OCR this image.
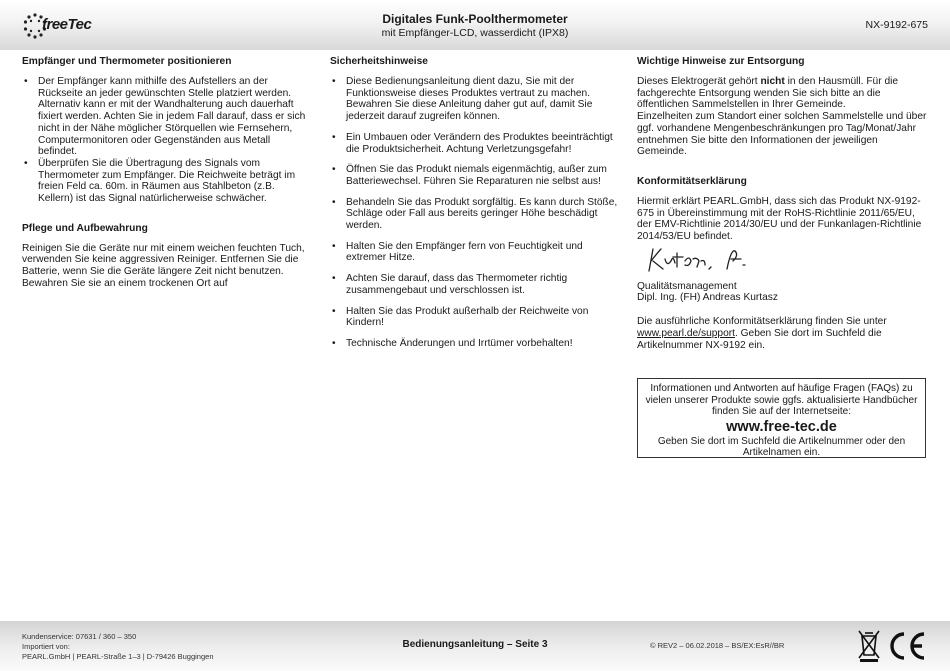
freeTec	Digitales Funk-Poolthermometer
mit Empfänger-LCD, wasserdicht (IPX8)
NX-9192-675
Empfänger und Thermometer positionieren
• Der Empfänger kann mithilfe des Aufstellers an der Rückseite an jeder gewünschten Stelle platziert werden. Alternativ kann er mit der Wandhalterung auch dauerhaft fixiert werden. Achten Sie in jedem Fall darauf, dass er sich nicht in der Nähe möglicher Störquellen wie Fernsehern, Computermonitoren oder Gegenständen aus Metall befindet.
• Überprüfen Sie die Übertragung des Signals vom Thermometer zum Empfänger. Die Reichweite beträgt im freien Feld ca. 60m. in Räumen aus Stahlbeton (z.B. Kellern) ist das Signal natürlicherweise schwächer.
Pflege und Aufbewahrung

Reinigen Sie die Geräte nur mit einem weichen feuchten Tuch, verwenden Sie keine aggressiven Reiniger. Entfernen Sie die Batterie, wenn Sie die Geräte längere Zeit nicht benutzen. Bewahren Sie sie an einem trockenen Ort auf

Sicherheitshinweise
• Diese Bedienungsanleitung dient dazu, Sie mit der Funktionsweise dieses Produktes vertraut zu machen. Bewahren Sie diese Anleitung daher gut auf, damit Sie jederzeit darauf zugreifen können.
• Ein Umbauen oder Verändern des Produktes beeinträchtigt die Produktsicherheit. Achtung Verletzungsgefahr!
• Öffnen Sie das Produkt niemals eigenmächtig, außer zum Batteriewechsel. Führen Sie Reparaturen nie selbst aus!
• Behandeln Sie das Produkt sorgfältig. Es kann durch Stöße, Schläge oder Fall aus bereits geringer Höhe beschädigt werden.
• Halten Sie den Empfänger fern von Feuchtigkeit und extremer Hitze.
• Achten Sie darauf, dass das Thermometer richtig zusammengebaut und verschlossen ist.
• Halten Sie das Produkt außerhalb der Reichweite von Kindern!
• Technische Änderungen und Irrtümer vorbehalten!
Wichtige Hinweise zur Entsorgung

Dieses Elektrogerät gehört nicht in den Hausmüll. Für die fachgerechte Entsorgung wenden Sie sich bitte an die öffentlichen Sammelstellen in Ihrer Gemeinde.

Einzelheiten zum Standort einer solchen Sammelstelle und über ggf. vorhandene Mengenbeschränkungen pro Tag/Monat/Jahr entnehmen Sie bitte den Informationen der jeweiligen Gemeinde.

Konformitätserklärung

Hiermit erklärt PEARL.GmbH, dass sich das Produkt NX-9192-675 in Übereinstimmung mit der RoHS-Richtlinie 2011/65/EU, der EMV-Richtlinie 2014/30/EU und der Funkanlagen-Richtlinie 2014/53/EU befindet.

Qualitätsmanagement

Dipl. Ing. (FH) Andreas Kurtasz

Die ausführliche Konformitätserklärung finden Sie unter www.pearl.de/support. Geben Sie dort im Suchfeld die Artikelnummer NX-9192 ein.

Informationen und Antworten auf häufige Fragen (FAQs) zu vielen unserer Produkte sowie ggfs. aktualisierte Handbücher finden Sie auf der Internetseite:
www.free-tec.de
Geben Sie dort im Suchfeld die Artikelnummer oder den Artikelnamen ein.
Kundenservice: 07631 / 360 – 350
Importiert von:
PEARL.GmbH | PEARL-Straße 1–3 | D-79426 Buggingen
Bedienungsanleitung – Seite 3	© REV2 – 06.02.2018 – BS/EX:EsR//BR
